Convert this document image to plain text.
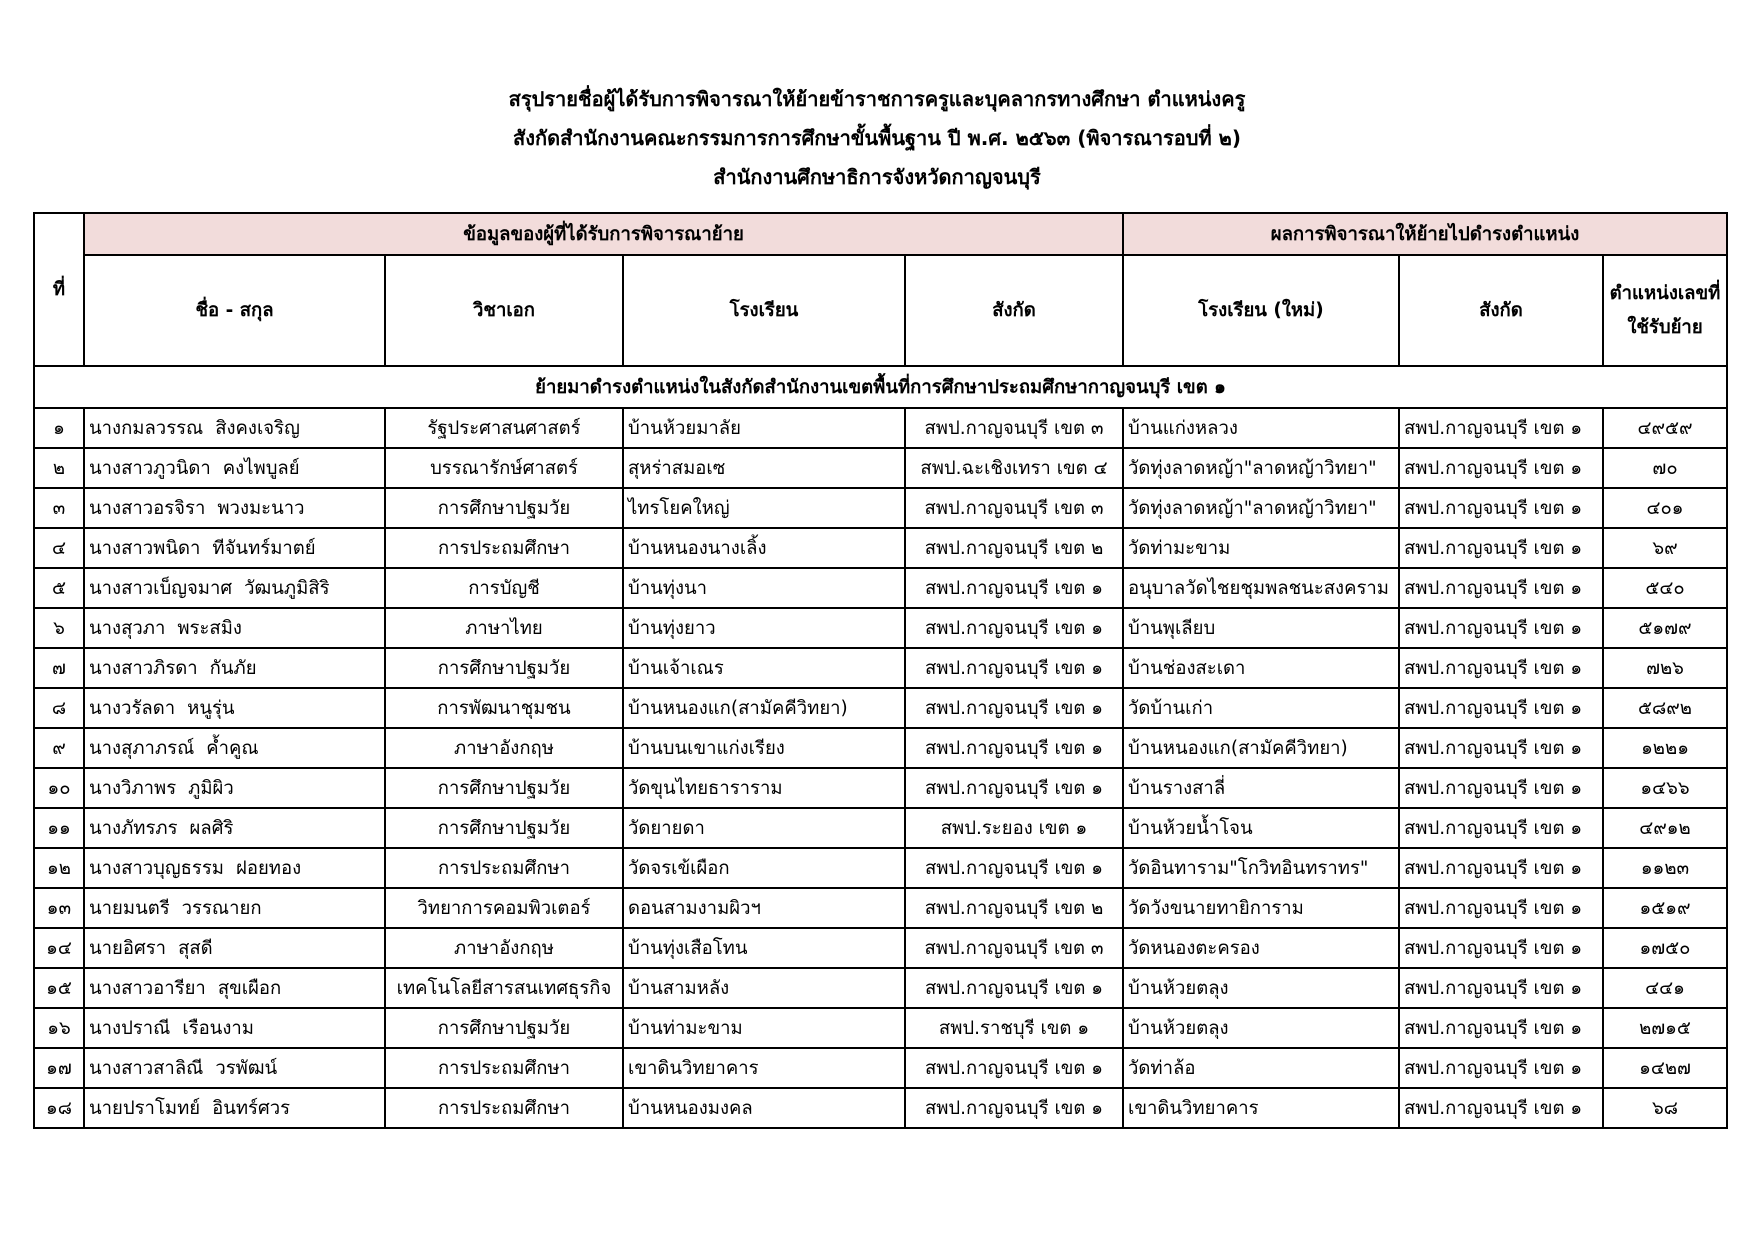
สรุปรายชื่อผู้ได้รับการพิจารณาให้ย้ายข้าราชการครูและบุคลากรทางศึกษา ตำแหน่งครู
สังกัดสำนักงานคณะกรรมการการศึกษาขั้นพื้นฐาน ปี พ.ศ. ๒๕๖๓ (พิจารณารอบที่ ๒)
สำนักงานศึกษาธิการจังหวัดกาญจนบุรี
ที่	ข้อมูลของผู้ที่ได้รับการพิจารณาย้าย				ผลการพิจารณาให้ย้ายไปดำรงตำแหน่ง		
	ชื่อ - สกุล	วิชาเอก	โรงเรียน	สังกัด	โรงเรียน (ใหม่)	สังกัด	ตำแหน่งเลขที่ ใช้รับย้าย
ย้ายมาดำรงตำแหน่งในสังกัดสำนักงานเขตพื้นที่การศึกษาประถมศึกษากาญจนบุรี เขต ๑							
๑	นางกมลวรรณ สิงคงเจริญ	รัฐประศาสนศาสตร์	บ้านห้วยมาลัย	สพป.กาญจนบุรี เขต ๓	บ้านแก่งหลวง	สพป.กาญจนบุรี เขต ๑	๔๙๕๙
๒	นางสาวภูวนิดา คงไพบูลย์	บรรณารักษ์ศาสตร์	สุหร่าสมอเซ	สพป.ฉะเชิงเทรา เขต ๔	วัดทุ่งลาดหญ้า"ลาดหญ้าวิทยา"	สพป.กาญจนบุรี เขต ๑	๗๐
๓	นางสาวอรจิรา พวงมะนาว	การศึกษาปฐมวัย	ไทรโยคใหญ่	สพป.กาญจนบุรี เขต ๓	วัดทุ่งลาดหญ้า"ลาดหญ้าวิทยา"	สพป.กาญจนบุรี เขต ๑	๔๐๑
๔	นางสาวพนิดา ทีจันทร์มาตย์	การประถมศึกษา	บ้านหนองนางเลิ้ง	สพป.กาญจนบุรี เขต ๒	วัดท่ามะขาม	สพป.กาญจนบุรี เขต ๑	๖๙
๕	นางสาวเบ็ญจมาศ วัฒนภูมิสิริ	การบัญชี	บ้านทุ่งนา	สพป.กาญจนบุรี เขต ๑	อนุบาลวัดไชยชุมพลชนะสงคราม	สพป.กาญจนบุรี เขต ๑	๕๔๐
๖	นางสุวภา พระสมิง	ภาษาไทย	บ้านทุ่งยาว	สพป.กาญจนบุรี เขต ๑	บ้านพุเลียบ	สพป.กาญจนบุรี เขต ๑	๕๑๗๙
๗	นางสาวภิรดา กันภัย	การศึกษาปฐมวัย	บ้านเจ้าเณร	สพป.กาญจนบุรี เขต ๑	บ้านช่องสะเดา	สพป.กาญจนบุรี เขต ๑	๗๒๖
๘	นางวรัลดา หนูรุ่น	การพัฒนาชุมชน	บ้านหนองแก(สามัคคีวิทยา)	สพป.กาญจนบุรี เขต ๑	วัดบ้านเก่า	สพป.กาญจนบุรี เขต ๑	๕๘๙๒
๙	นางสุภาภรณ์ ค้ำคูณ	ภาษาอังกฤษ	บ้านบนเขาแก่งเรียง	สพป.กาญจนบุรี เขต ๑	บ้านหนองแก(สามัคคีวิทยา)	สพป.กาญจนบุรี เขต ๑	๑๒๒๑
๑๐	นางวิภาพร ภูมิผิว	การศึกษาปฐมวัย	วัดขุนไทยธาราราม	สพป.กาญจนบุรี เขต ๑	บ้านรางสาลี่	สพป.กาญจนบุรี เขต ๑	๑๔๖๖
๑๑	นางภัทรภร ผลศิริ	การศึกษาปฐมวัย	วัดยายดา	สพป.ระยอง เขต ๑	บ้านห้วยน้ำโจน	สพป.กาญจนบุรี เขต ๑	๔๙๑๒
๑๒	นางสาวบุญธรรม ฝอยทอง	การประถมศึกษา	วัดจรเข้เผือก	สพป.กาญจนบุรี เขต ๑	วัดอินทาราม"โกวิทอินทราทร"	สพป.กาญจนบุรี เขต ๑	๑๑๒๓
๑๓	นายมนตรี วรรณายก	วิทยาการคอมพิวเตอร์	ดอนสามงามผิวฯ	สพป.กาญจนบุรี เขต ๒	วัดวังขนายทายิการาม	สพป.กาญจนบุรี เขต ๑	๑๕๑๙
๑๔	นายอิศรา สุสดี	ภาษาอังกฤษ	บ้านทุ่งเสือโทน	สพป.กาญจนบุรี เขต ๓	วัดหนองตะครอง	สพป.กาญจนบุรี เขต ๑	๑๗๕๐
๑๕	นางสาวอารียา สุขเผือก	เทคโนโลยีสารสนเทศธุรกิจ	บ้านสามหลัง	สพป.กาญจนบุรี เขต ๑	บ้านห้วยตลุง	สพป.กาญจนบุรี เขต ๑	๔๔๑
๑๖	นางปราณี เรือนงาม	การศึกษาปฐมวัย	บ้านท่ามะขาม	สพป.ราชบุรี เขต ๑	บ้านห้วยตลุง	สพป.กาญจนบุรี เขต ๑	๒๗๑๕
๑๗	นางสาวสาลิณี วรพัฒน์	การประถมศึกษา	เขาดินวิทยาคาร	สพป.กาญจนบุรี เขต ๑	วัดท่าล้อ	สพป.กาญจนบุรี เขต ๑	๑๔๒๗
๑๘	นายปราโมทย์ อินทร์ศวร	การประถมศึกษา	บ้านหนองมงคล	สพป.กาญจนบุรี เขต ๑	เขาดินวิทยาคาร	สพป.กาญจนบุรี เขต ๑	๖๘
